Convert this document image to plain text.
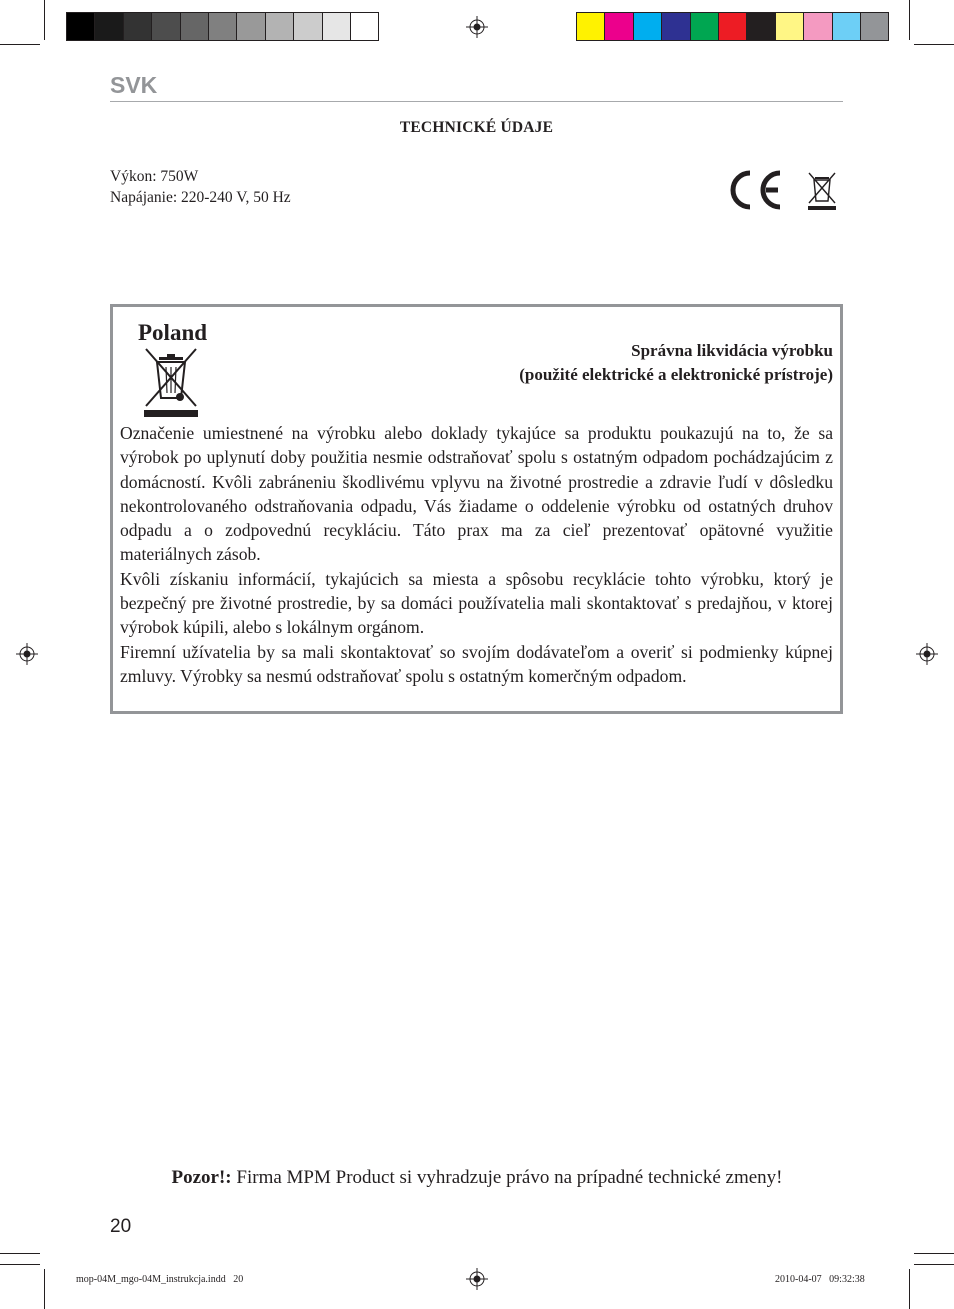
SVK
TECHNICKÉ ÚDAJE
Výkon: 750W
Napájanie: 220-240 V, 50 Hz
Poland
Správna likvidácia výrobku
(použité elektrické a elektronické prístroje)

Označenie umiestnené na výrobku alebo doklady tykajúce sa produktu poukazujú na to, že sa výrobok po uplynutí doby použitia nesmie odstraňovať spolu s ostatným odpadom pochádzajúcim z domácností. Kvôli zabráneniu škodlivému vplyvu na životné prostredie a zdravie ľudí v dôsledku nekontrolovaného odstraňovania odpadu, Vás žiadame o oddelenie výrobku od ostatných druhov odpadu a o zodpovednú recykláciu. Táto prax ma za cieľ prezentovať opätovné využitie materiálnych zásob.

Kvôli získaniu informácií, tykajúcich sa miesta a spôsobu recyklácie tohto výrobku, ktorý je bezpečný pre životné prostredie, by sa domáci používatelia mali skontaktovať s predajňou, v ktorej výrobok kúpili, alebo s lokálnym orgánom.

Firemní užívatelia by sa mali skontaktovať so svojím dodávateľom a overiť si podmienky kúpnej zmluvy. Výrobky sa nesmú odstraňovať spolu s ostatným komerčným odpadom.

Pozor!: Firma MPM Product si vyhradzuje právo na prípadné technické zmeny!
20
mop-04M_mgo-04M_instrukcja.indd   20	2010-04-07   09:32:38
